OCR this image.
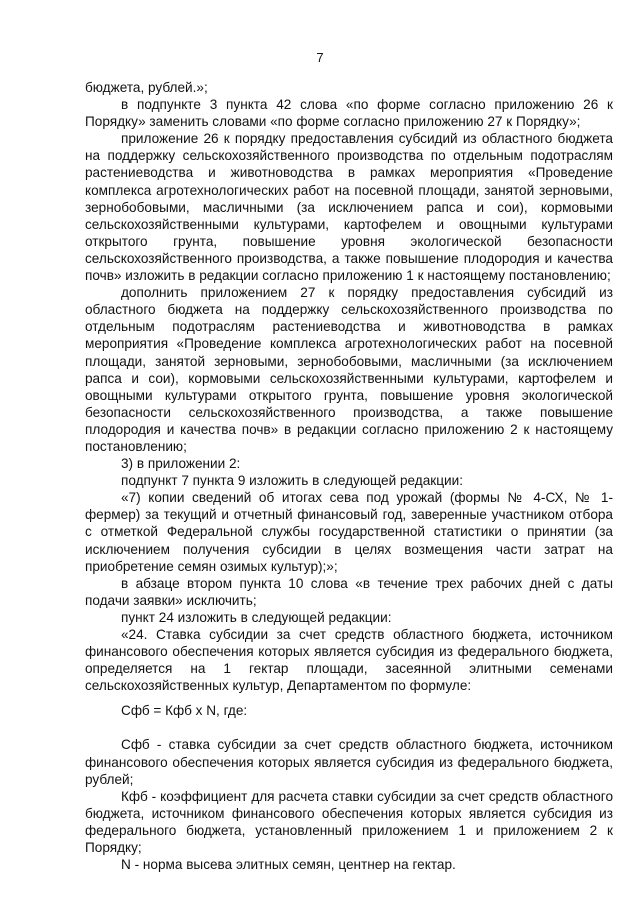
7

бюджета, рублей.»;

в подпункте 3 пункта 42 слова «по форме согласно приложению 26 к Порядку» заменить словами «по форме согласно приложению 27 к Порядку»;

приложение 26 к порядку предоставления субсидий из областного бюджета на поддержку сельскохозяйственного производства по отдельным подотраслям растениеводства и животноводства в рамках мероприятия «Проведение комплекса агротехнологических работ на посевной площади, занятой зерновыми, зернобобовыми, масличными (за исключением рапса и сои), кормовыми сельскохозяйственными культурами, картофелем и овощными культурами открытого грунта, повышение уровня экологической безопасности сельскохозяйственного производства, а также повышение плодородия и качества почв» изложить в редакции согласно приложению 1 к настоящему постановлению;

дополнить приложением 27 к порядку предоставления субсидий из областного бюджета на поддержку сельскохозяйственного производства по отдельным подотраслям растениеводства и животноводства в рамках мероприятия «Проведение комплекса агротехнологических работ на посевной площади, занятой зерновыми, зернобобовыми, масличными (за исключением рапса и сои), кормовыми сельскохозяйственными культурами, картофелем и овощными культурами открытого грунта, повышение уровня экологической безопасности сельскохозяйственного производства, а также повышение плодородия и качества почв» в редакции согласно приложению 2 к настоящему постановлению;

3) в приложении 2:

подпункт 7 пункта 9 изложить в следующей редакции:

«7) копии сведений об итогах сева под урожай (формы № 4-СХ, № 1-фермер) за текущий и отчетный финансовый год, заверенные участником отбора с отметкой Федеральной службы государственной статистики о принятии (за исключением получения субсидии в целях возмещения части затрат на приобретение семян озимых культур);»;

в абзаце втором пункта 10 слова «в течение трех рабочих дней с даты подачи заявки» исключить;

пункт 24 изложить в следующей редакции:

«24. Ставка субсидии за счет средств областного бюджета, источником финансового обеспечения которых является субсидия из федерального бюджета, определяется на 1 гектар площади, засеянной элитными семенами сельскохозяйственных культур, Департаментом по формуле:

Сфб = Кфб х N, где:

Сфб - ставка субсидии за счет средств областного бюджета, источником финансового обеспечения которых является субсидия из федерального бюджета, рублей;

Кфб - коэффициент для расчета ставки субсидии за счет средств областного бюджета, источником финансового обеспечения которых является субсидия из федерального бюджета, установленный приложением 1 и приложением 2 к Порядку;

N - норма высева элитных семян, центнер на гектар.
